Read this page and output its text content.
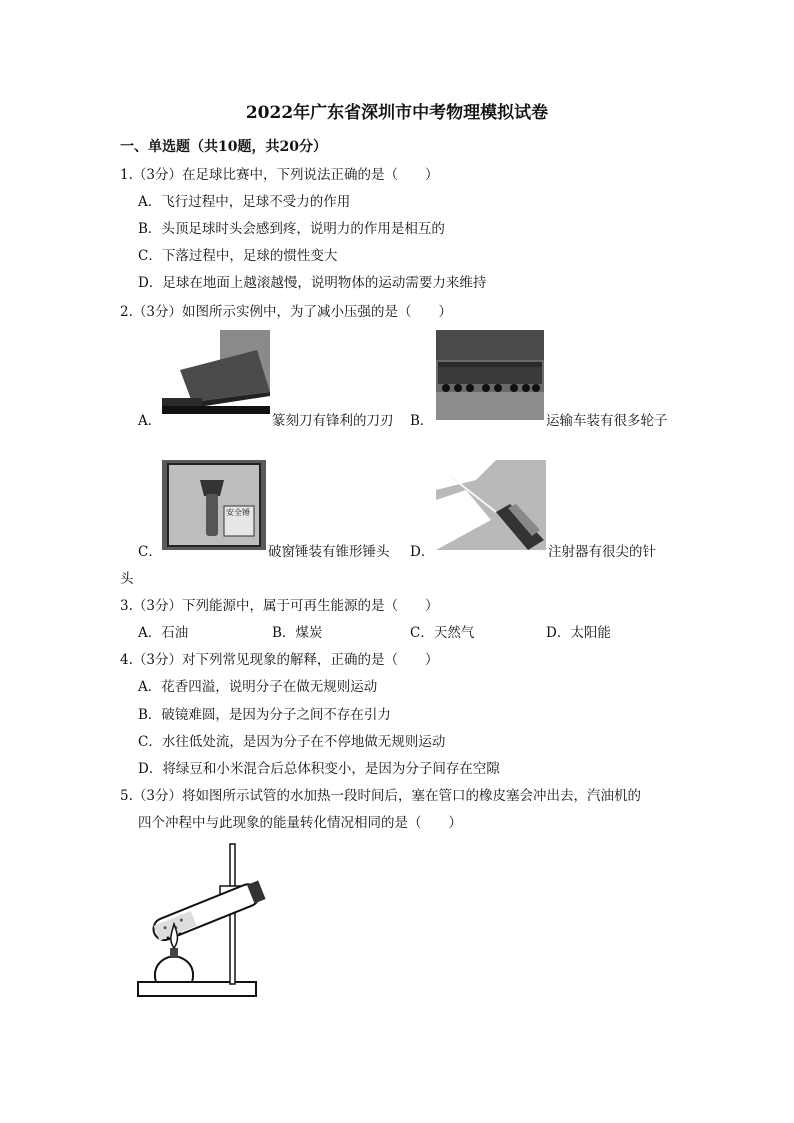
2022年广东省深圳市中考物理模拟试卷
一、单选题（共10题，共20分）
1.（3分）在足球比赛中，下列说法正确的是（　　）
A．飞行过程中，足球不受力的作用
B．头顶足球时头会感到疼，说明力的作用是相互的
C．下落过程中，足球的惯性变大
D．足球在地面上越滚越慢，说明物体的运动需要力来维持
2.（3分）如图所示实例中，为了减小压强的是（　　）
A．	篆刻刀有锋利的刀刃 B．	运输车装有很多轮子
C．
安全锤
破窗锤装有锥形锤头 D．	注射器有很尖的针
头
3.（3分）下列能源中，属于可再生能源的是（　　）
A．石油	B．煤炭	C．天然气	D．太阳能
4.（3分）对下列常见现象的解释，正确的是（　　）
A．花香四溢，说明分子在做无规则运动
B．破镜难圆，是因为分子之间不存在引力
C．水往低处流，是因为分子在不停地做无规则运动
D．将绿豆和小米混合后总体积变小，是因为分子间存在空隙
5.（3分）将如图所示试管的水加热一段时间后，塞在管口的橡皮塞会冲出去，汽油机的
四个冲程中与此现象的能量转化情况相同的是（　　）
